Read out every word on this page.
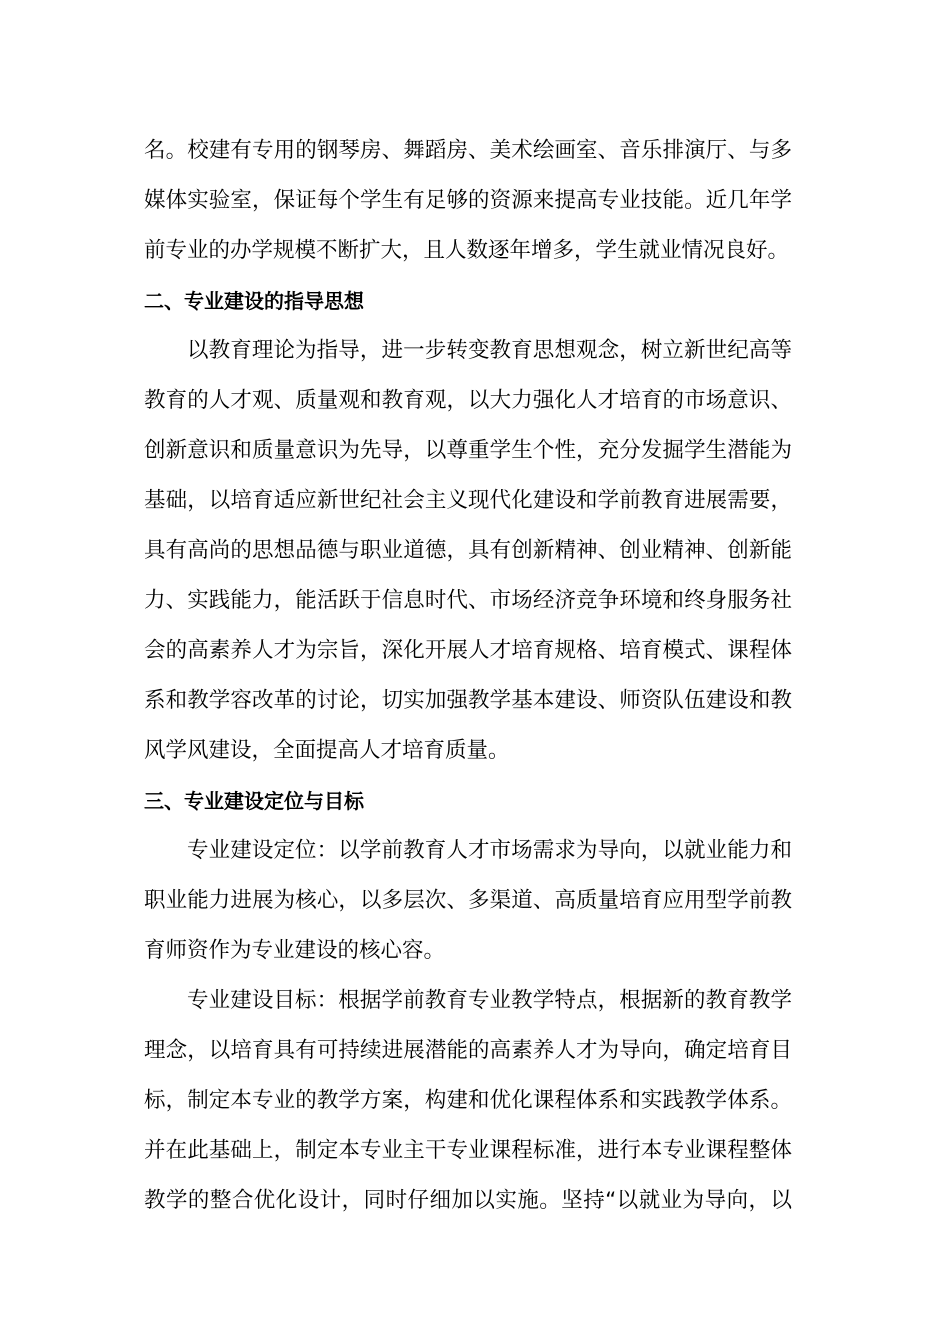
名。校建有专用的钢琴房、舞蹈房、美术绘画室、音乐排演厅、与多
媒体实验室，保证每个学生有足够的资源来提高专业技能。近几年学
前专业的办学规模不断扩大，且人数逐年增多，学生就业情况良好。
二、专业建设的指导思想
以教育理论为指导，进一步转变教育思想观念，树立新世纪高等
教育的人才观、质量观和教育观，以大力强化人才培育的市场意识、
创新意识和质量意识为先导，以尊重学生个性，充分发掘学生潜能为
基础，以培育适应新世纪社会主义现代化建设和学前教育进展需要，
具有高尚的思想品德与职业道德，具有创新精神、创业精神、创新能
力、实践能力，能活跃于信息时代、市场经济竞争环境和终身服务社
会的高素养人才为宗旨，深化开展人才培育规格、培育模式、课程体
系和教学容改革的讨论，切实加强教学基本建设、师资队伍建设和教
风学风建设，全面提高人才培育质量。
三、专业建设定位与目标
专业建设定位：以学前教育人才市场需求为导向，以就业能力和
职业能力进展为核心，以多层次、多渠道、高质量培育应用型学前教
育师资作为专业建设的核心容。
专业建设目标：根据学前教育专业教学特点，根据新的教育教学
理念，以培育具有可持续进展潜能的高素养人才为导向，确定培育目
标，制定本专业的教学方案，构建和优化课程体系和实践教学体系。
并在此基础上，制定本专业主干专业课程标准，进行本专业课程整体
教学的整合优化设计，同时仔细加以实施。坚持“以就业为导向，以
